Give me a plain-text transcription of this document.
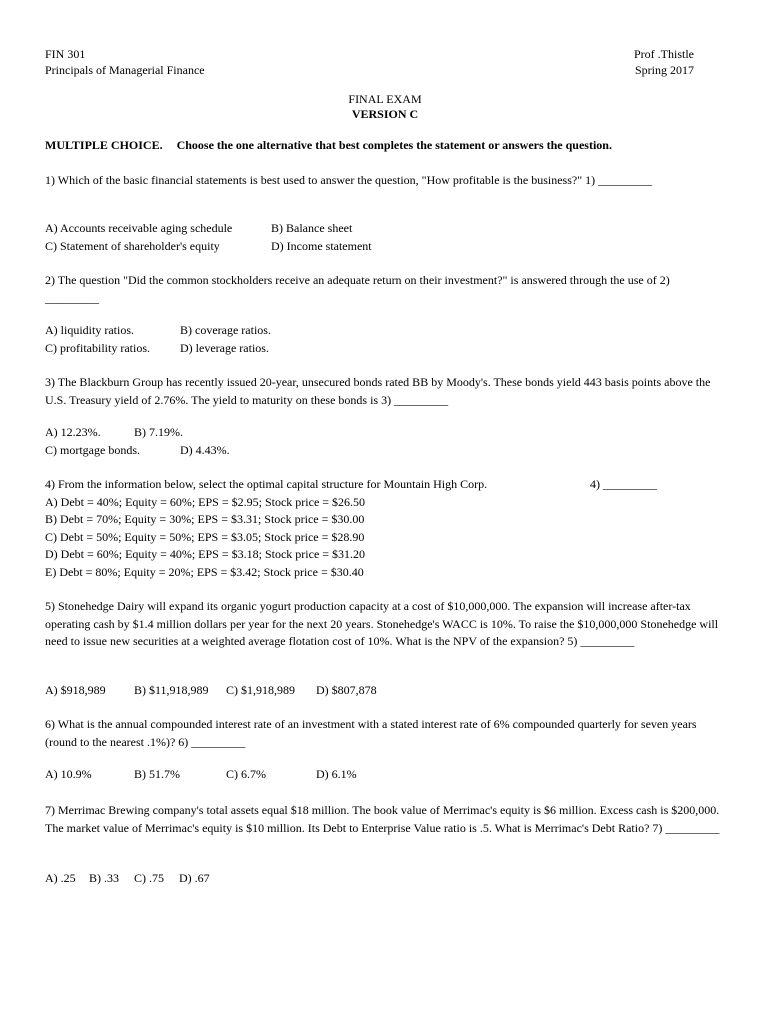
FIN 301
Principals of Managerial Finance
Prof .Thistle
Spring 2017
FINAL EXAM
VERSION C
MULTIPLE CHOICE. Choose the one alternative that best completes the statement or answers the question.
1) Which of the basic financial statements is best used to answer the question, "How profitable is the business?" 1) _________
A) Accounts receivable aging schedule	B) Balance sheet
C) Statement of shareholder's equity	D) Income statement
2) The question "Did the common stockholders receive an adequate return on their investment?" is answered through the use of 2) _________
A) liquidity ratios.	B) coverage ratios.
C) profitability ratios.	D) leverage ratios.
3) The Blackburn Group has recently issued 20-year, unsecured bonds rated BB by Moody's. These bonds yield 443 basis points above the U.S. Treasury yield of 2.76%. The yield to maturity on these bonds is 3) _________
A) 12.23%.	B) 7.19%.
C) mortgage bonds.	D) 4.43%.
4) From the information below, select the optimal capital structure for Mountain High Corp.	4) _________
A) Debt = 40%; Equity = 60%; EPS = $2.95; Stock price = $26.50
B) Debt = 70%; Equity = 30%; EPS = $3.31; Stock price = $30.00
C) Debt = 50%; Equity = 50%; EPS = $3.05; Stock price = $28.90
D) Debt = 60%; Equity = 40%; EPS = $3.18; Stock price = $31.20
E) Debt = 80%; Equity = 20%; EPS = $3.42; Stock price = $30.40
5) Stonehedge Dairy will expand its organic yogurt production capacity at a cost of $10,000,000. The expansion will increase after-tax operating cash by $1.4 million dollars per year for the next 20 years. Stonehedge's WACC is 10%. To raise the $10,000,000 Stonehedge will need to issue new securities at a weighted average flotation cost of 10%. What is the NPV of the expansion? 5) _________
A) $918,989	B) $11,918,989	C) $1,918,989	D) $807,878
6) What is the annual compounded interest rate of an investment with a stated interest rate of 6% compounded quarterly for seven years (round to the nearest .1%)? 6) _________
A) 10.9%	B) 51.7%	C) 6.7%	D) 6.1%
7) Merrimac Brewing company's total assets equal $18 million. The book value of Merrimac's equity is $6 million. Excess cash is $200,000. The market value of Merrimac's equity is $10 million. Its Debt to Enterprise Value ratio is .5. What is Merrimac's Debt Ratio? 7) _________
A) .25	B) .33	C) .75	D) .67
